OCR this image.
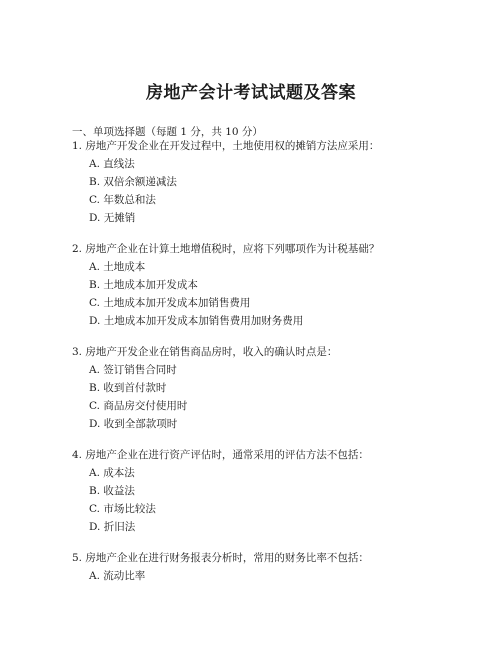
房地产会计考试试题及答案
一、单项选择题（每题 1 分，共 10 分）
1. 房地产开发企业在开发过程中，土地使用权的摊销方法应采用：
A. 直线法
B. 双倍余额递减法
C. 年数总和法
D. 无摊销
2. 房地产企业在计算土地增值税时，应将下列哪项作为计税基础？
A. 土地成本
B. 土地成本加开发成本
C. 土地成本加开发成本加销售费用
D. 土地成本加开发成本加销售费用加财务费用
3. 房地产开发企业在销售商品房时，收入的确认时点是：
A. 签订销售合同时
B. 收到首付款时
C. 商品房交付使用时
D. 收到全部款项时
4. 房地产企业在进行资产评估时，通常采用的评估方法不包括：
A. 成本法
B. 收益法
C. 市场比较法
D. 折旧法
5. 房地产企业在进行财务报表分析时，常用的财务比率不包括：
A. 流动比率
